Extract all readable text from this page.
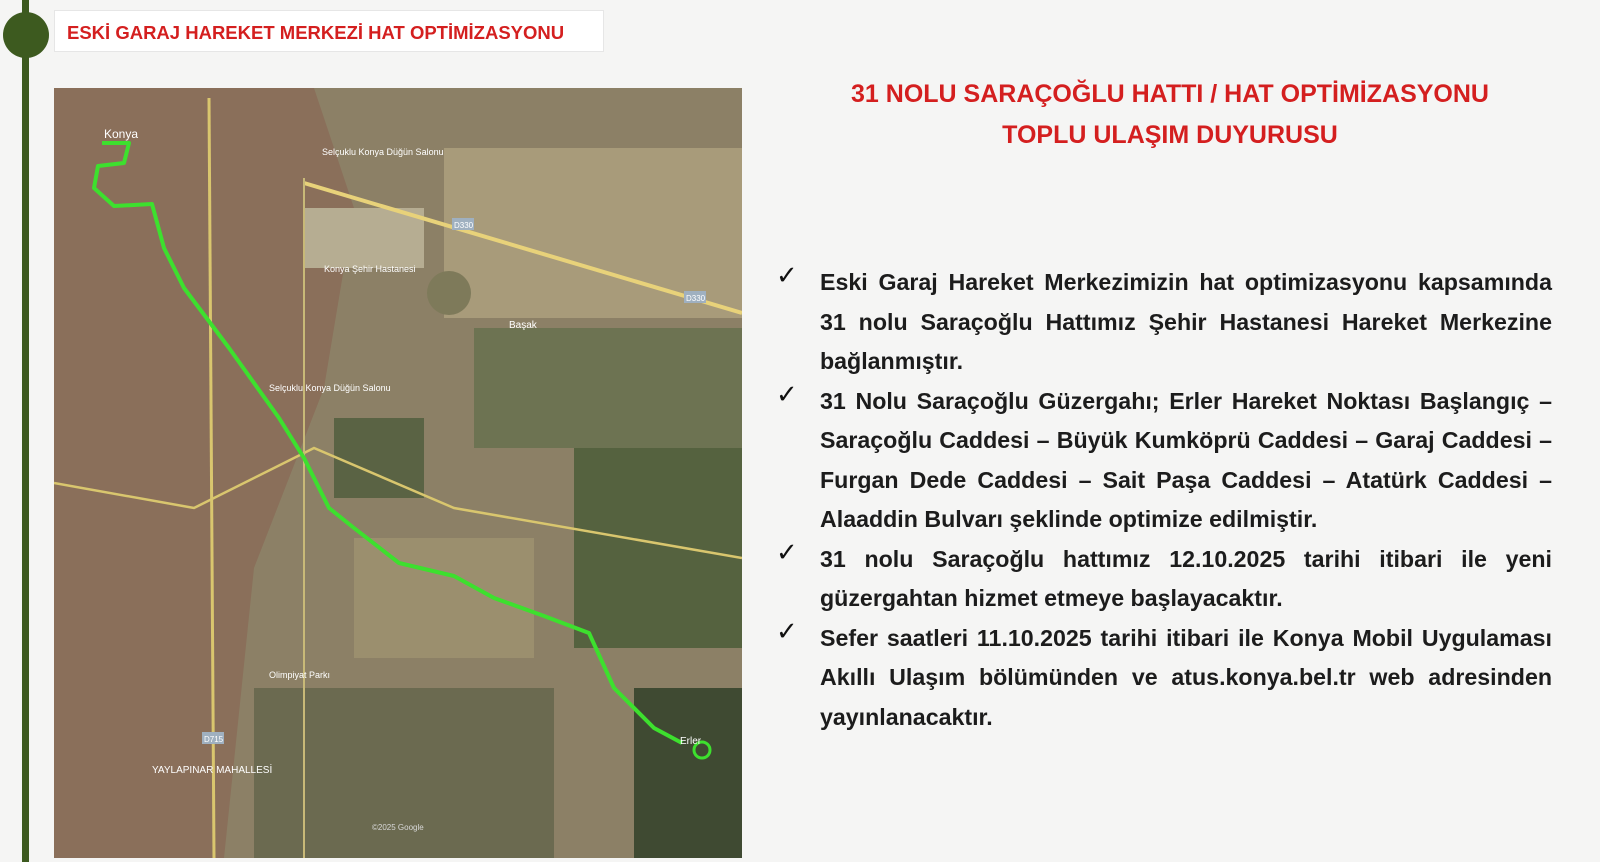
ESKİ GARAJ HAREKET MERKEZİ HAT OPTİMİZASYONU
Konya
Selçuklu Konya Düğün Salonu
Konya Şehir Hastanesi
Başak
Selçuklu Konya Düğün Salonu
Olimpiyat Parkı
YAYLAPINAR MAHALLESİ
Erler
D330
D330
D715
©2025 Google
31 NOLU SARAÇOĞLU HATTI / HAT OPTİMİZASYONU
TOPLU ULAŞIM DUYURUSU
✓ Eski Garaj Hareket Merkezimizin hat optimizasyonu kapsamında 31 nolu Saraçoğlu Hattımız Şehir Hastanesi Hareket Merkezine bağlanmıştır.
✓ 31 Nolu Saraçoğlu Güzergahı; Erler Hareket Noktası Başlangıç – Saraçoğlu Caddesi – Büyük Kumköprü Caddesi – Garaj Caddesi – Furgan Dede Caddesi – Sait Paşa Caddesi – Atatürk Caddesi – Alaaddin Bulvarı şeklinde optimize edilmiştir.
✓ 31 nolu Saraçoğlu hattımız 12.10.2025 tarihi itibari ile yeni güzergahtan hizmet etmeye başlayacaktır.
✓ Sefer saatleri 11.10.2025 tarihi itibari ile Konya Mobil Uygulaması Akıllı Ulaşım bölümünden ve atus.konya.bel.tr web adresinden yayınlanacaktır.
